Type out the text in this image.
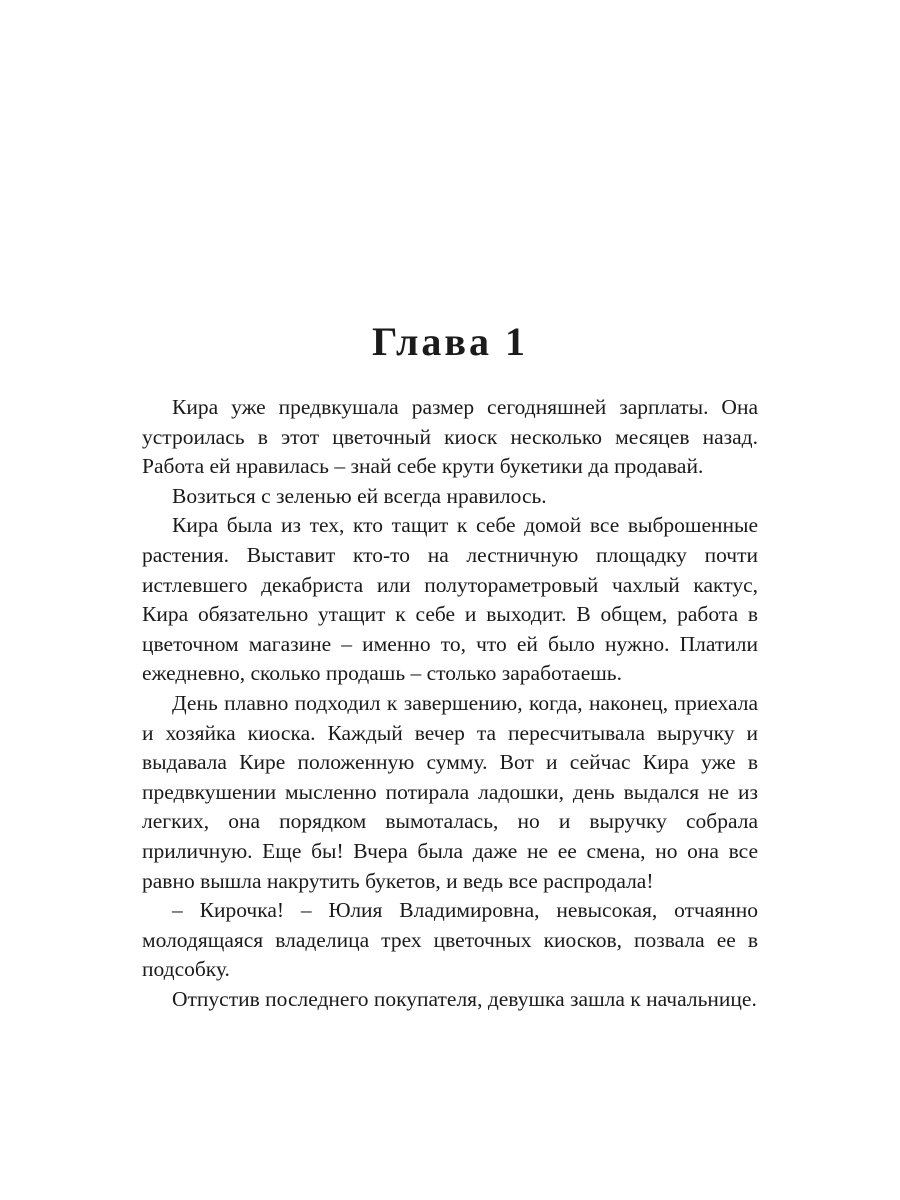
Глава 1

Кира уже предвкушала размер сегодняшней зарплаты. Она устроилась в этот цветочный киоск несколько месяцев назад. Работа ей нравилась – знай себе крути букетики да продавай.

Возиться с зеленью ей всегда нравилось.

Кира была из тех, кто тащит к себе домой все выброшенные растения. Выставит кто-то на лестничную площадку почти истлевшего декабриста или полутораметровый чахлый кактус, Кира обязательно утащит к себе и выходит. В общем, работа в цветочном магазине – именно то, что ей было нужно. Платили ежедневно, сколько продашь – столько заработаешь.

День плавно подходил к завершению, когда, наконец, приехала и хозяйка киоска. Каждый вечер та пересчитывала выручку и выдавала Кире положенную сумму. Вот и сейчас Кира уже в предвкушении мысленно потирала ладошки, день выдался не из легких, она порядком вымоталась, но и выручку собрала приличную. Еще бы! Вчера была даже не ее смена, но она все равно вышла накрутить букетов, и ведь все распродала!

– Кирочка! – Юлия Владимировна, невысокая, отчаянно молодящаяся владелица трех цветочных киосков, позвала ее в подсобку.

Отпустив последнего покупателя, девушка зашла к начальнице.
